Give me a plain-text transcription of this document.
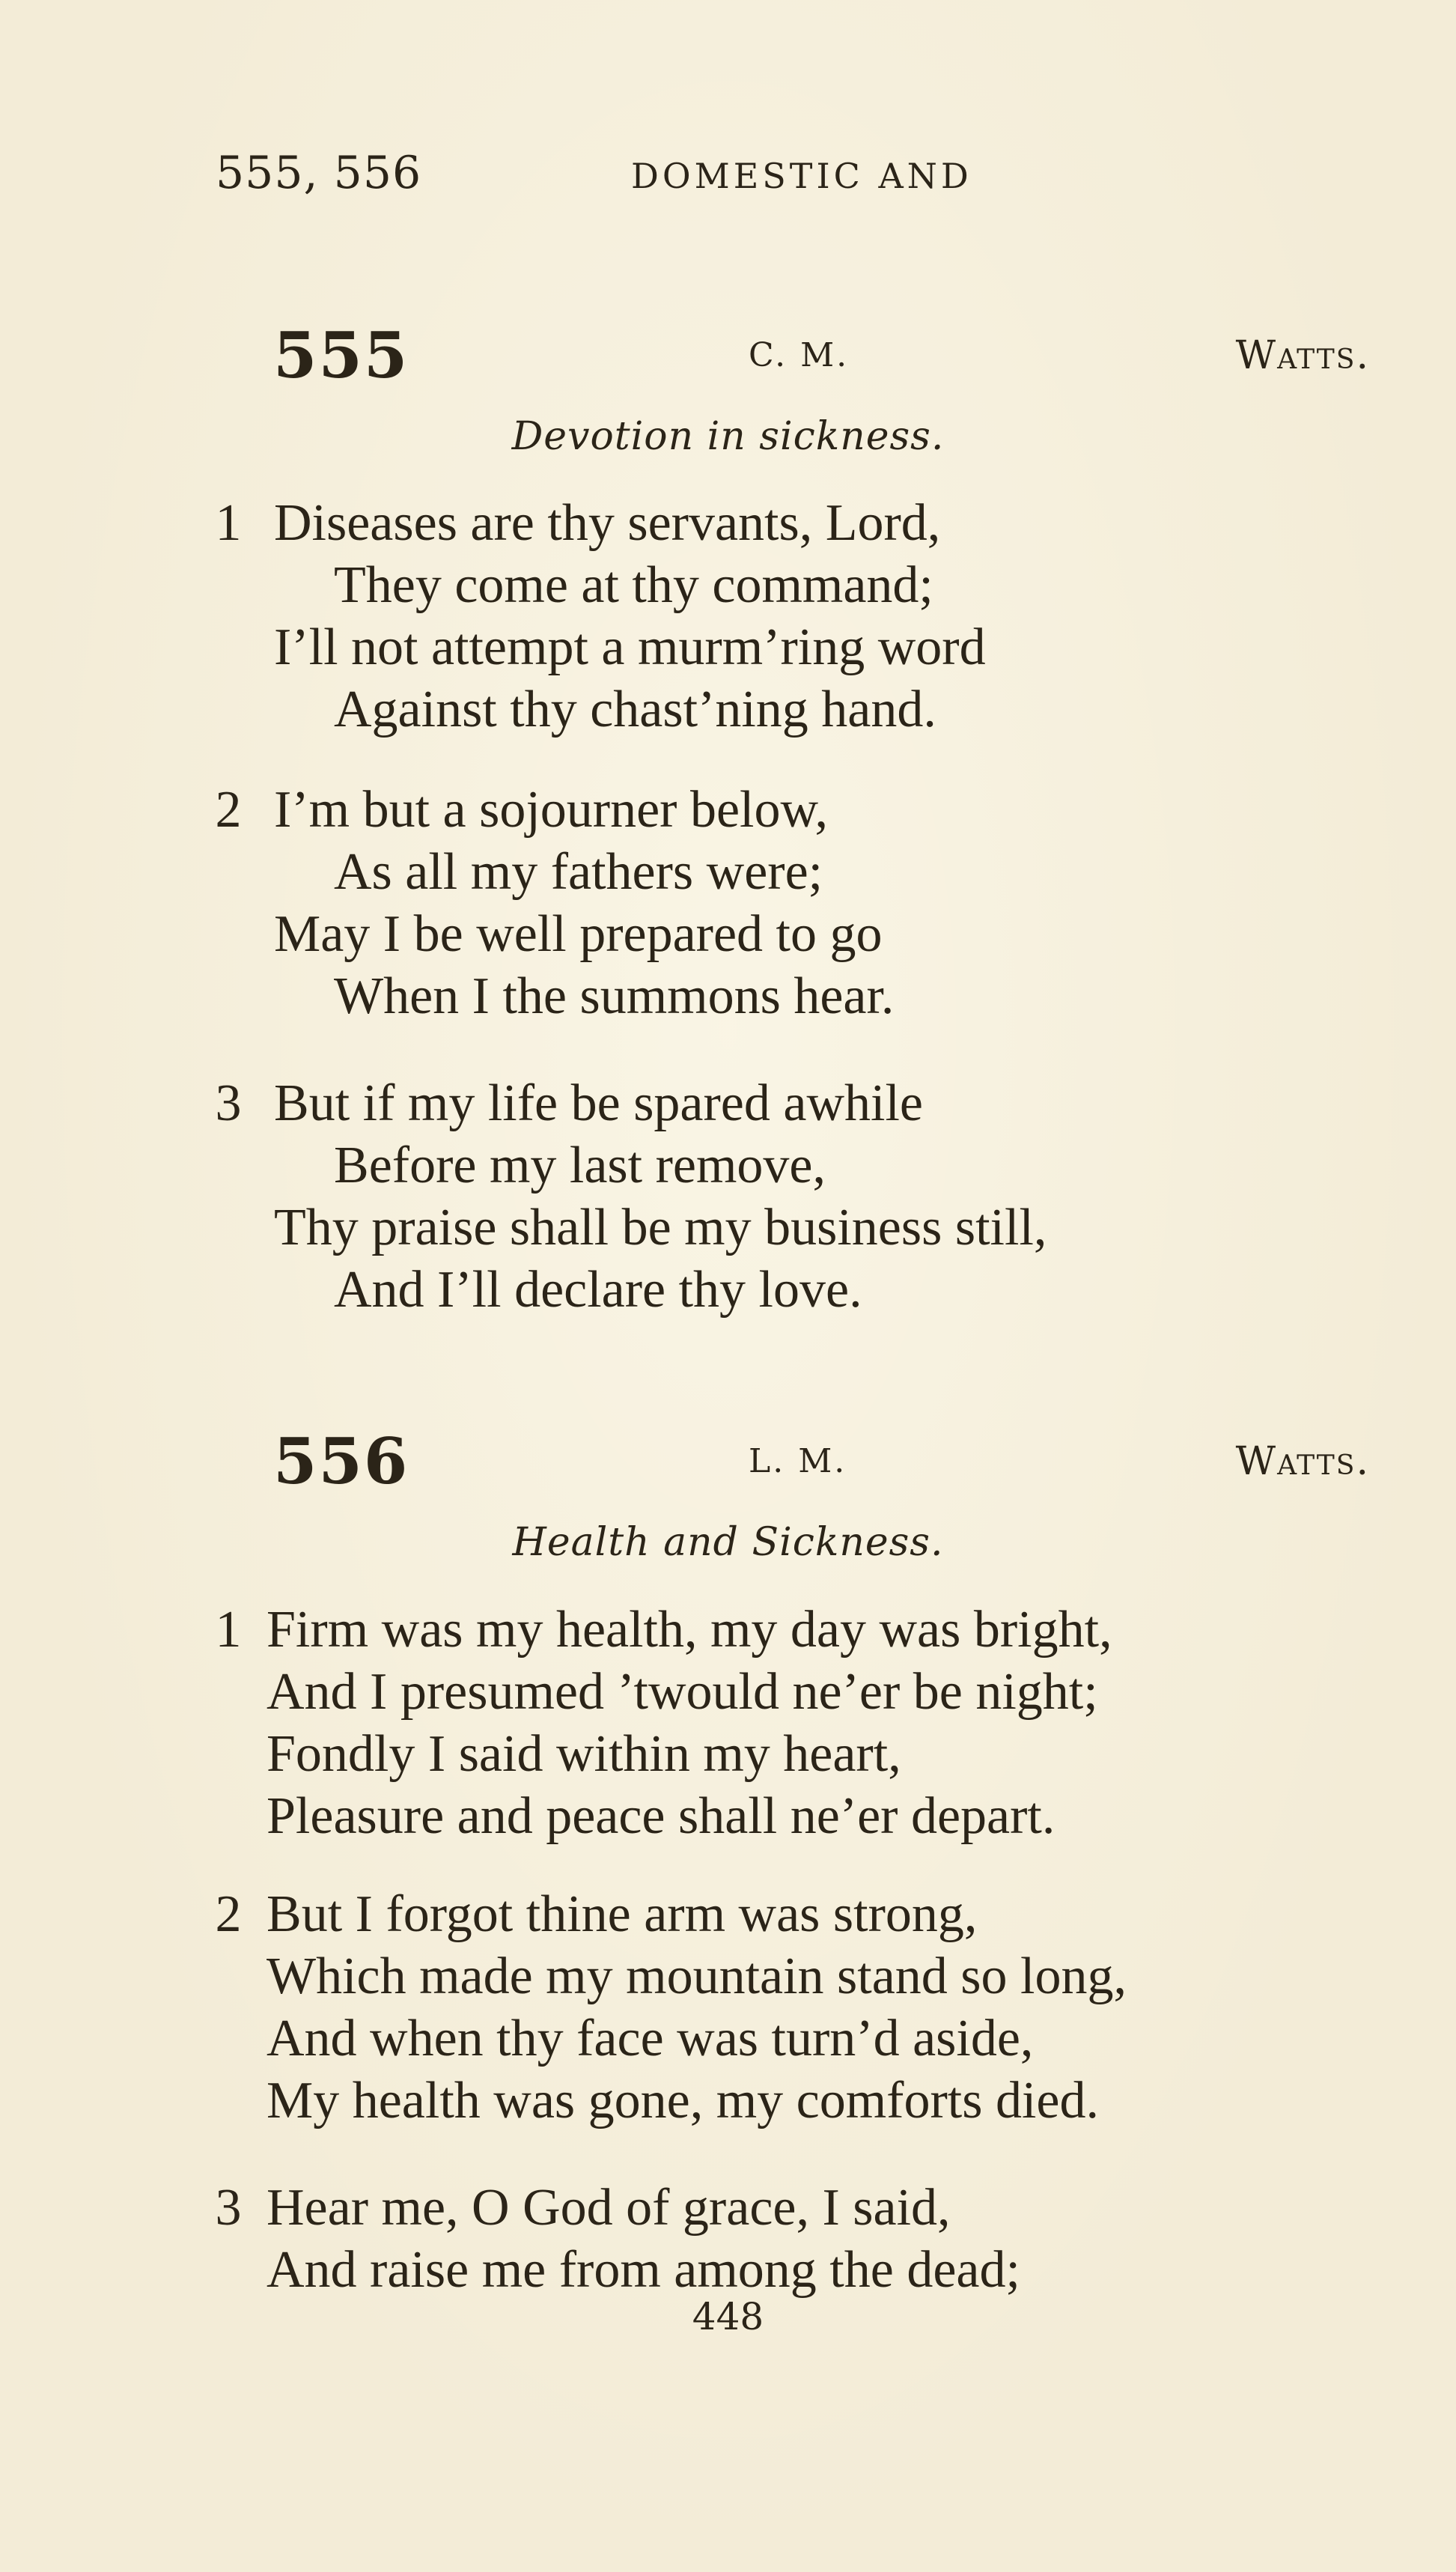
555, 556	DOMESTIC AND
555	C. M.	Watts.
Devotion in sickness.
1 Diseases are thy servants, Lord,
They come at thy command;
I’ll not attempt a murm’ring word
Against thy chast’ning hand.
2 I’m but a sojourner below,
As all my fathers were;
May I be well prepared to go
When I the summons hear.
3 But if my life be spared awhile
Before my last remove,
Thy praise shall be my business still,
And I’ll declare thy love.
556	L. M.	Watts.
Health and Sickness.
1 Firm was my health, my day was bright,
And I presumed ’twould ne’er be night;
Fondly I said within my heart,
Pleasure and peace shall ne’er depart.
2 But I forgot thine arm was strong,
Which made my mountain stand so long,
And when thy face was turn’d aside,
My health was gone, my comforts died.
3 Hear me, O God of grace, I said,
And raise me from among the dead;
448
